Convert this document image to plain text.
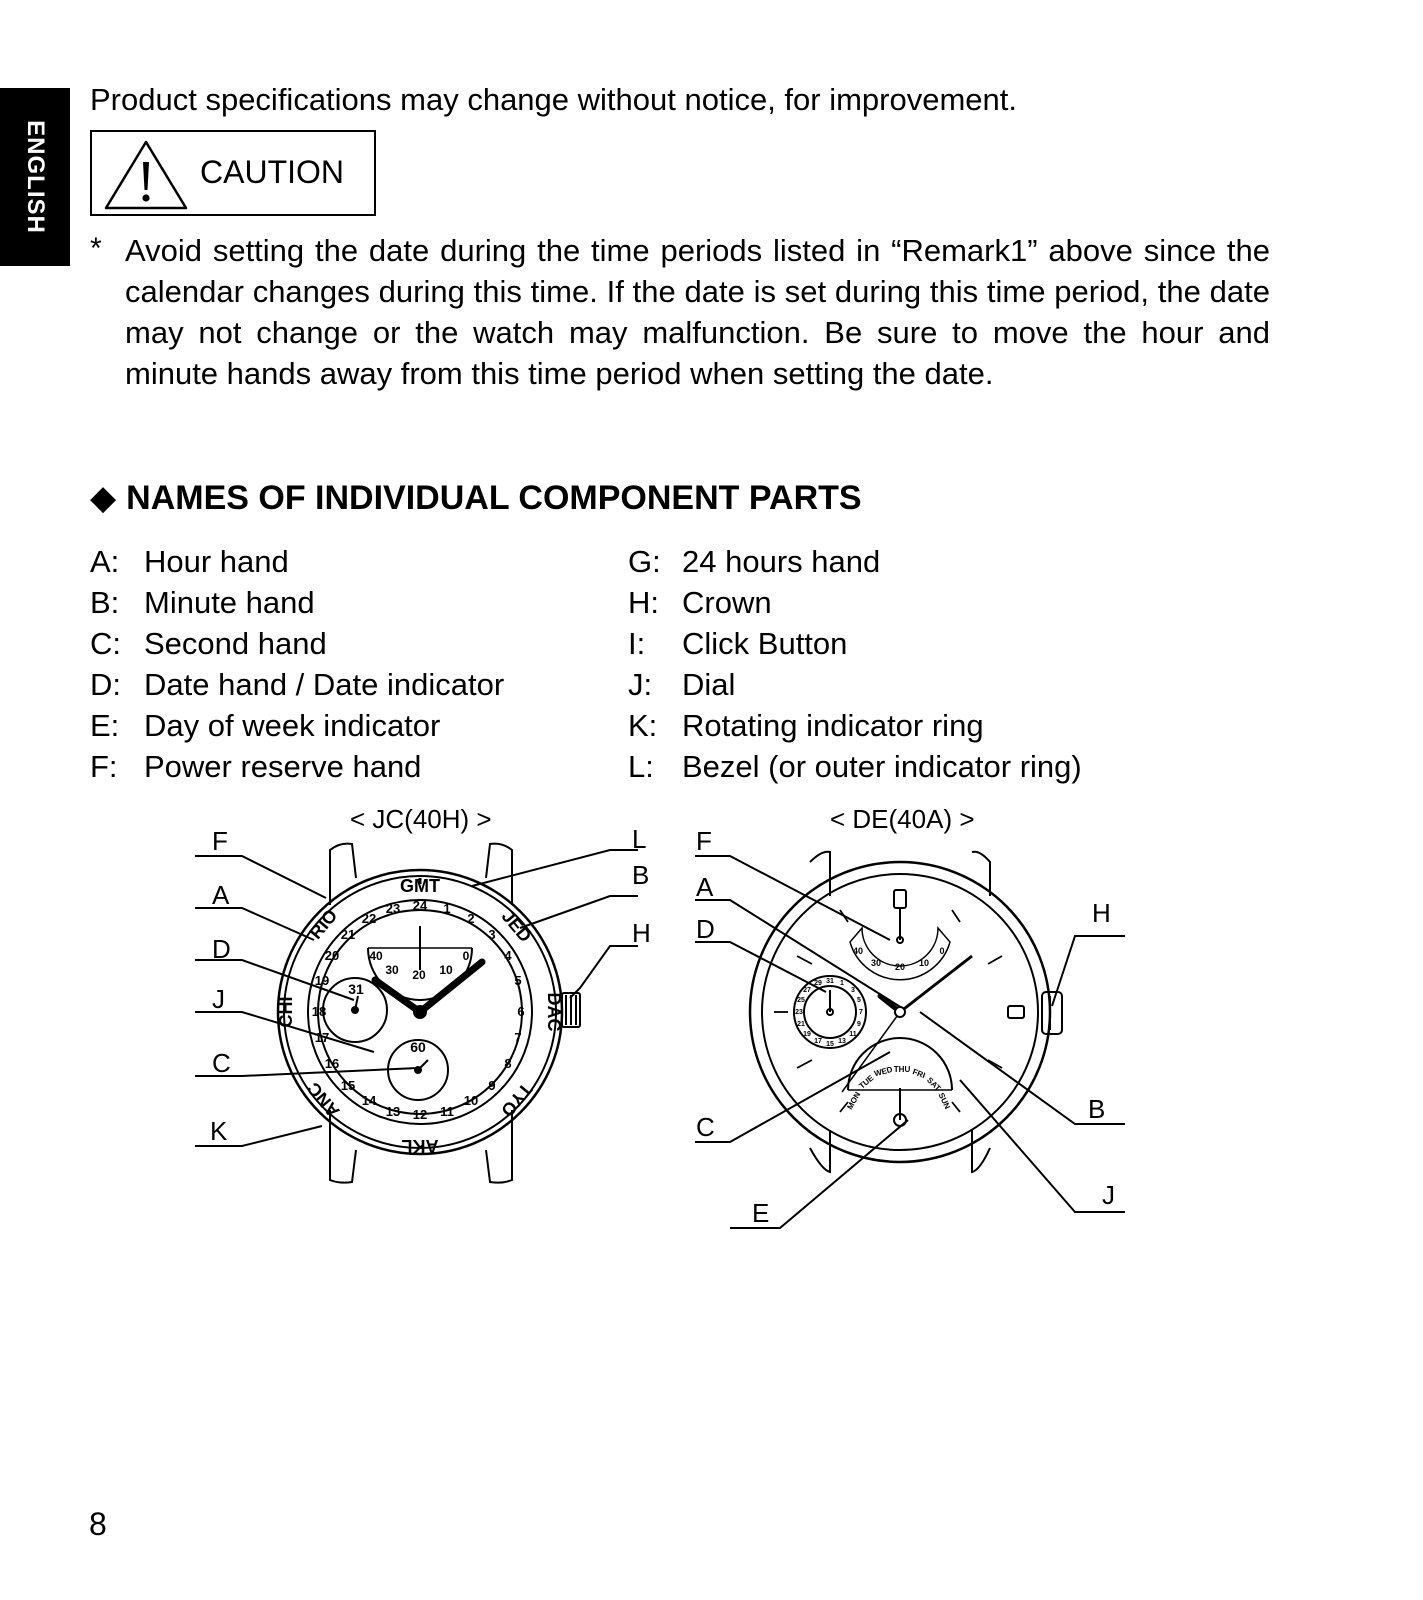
ENGLISH
Product specifications may change without notice, for improvement.
CAUTION
* Avoid setting the date during the time periods listed in “Remark1” above since the calendar changes during this time. If the date is set during this time period, the date may not change or the watch may malfunction. Be sure to move the hour and minute hands away from this time period when setting the date.

◆ NAMES OF INDIVIDUAL COMPONENT PARTS
A: Hour hand
B: Minute hand
C: Second hand
D: Date hand / Date indicator
E: Day of week indicator
F: Power reserve hand
G: 24 hours hand
H: Crown
I:	Click Button
J: Dial
K: Rotating indicator ring
L: Bezel (or outer indicator ring)
< JC(40H) >	< DE(40A) >
F
A
D
J
C
K
L
B
H
F
A
D
C
E
H
B
J
GMT
JED
DAC
TYO
AKL
ANC
CHI
RIO
40
30 20 10
0
31
60
24 1
2
3
4
5
6
7
8
9
10
11
12
13
14
15
16
17
18
19
20
21
22
23
40
30 20 10
0
31 1
3
5
7
9
11
13
15
17
19
21
23
25
27
29
MON
TUE
WED THU FRI
SAT
SUN
8
